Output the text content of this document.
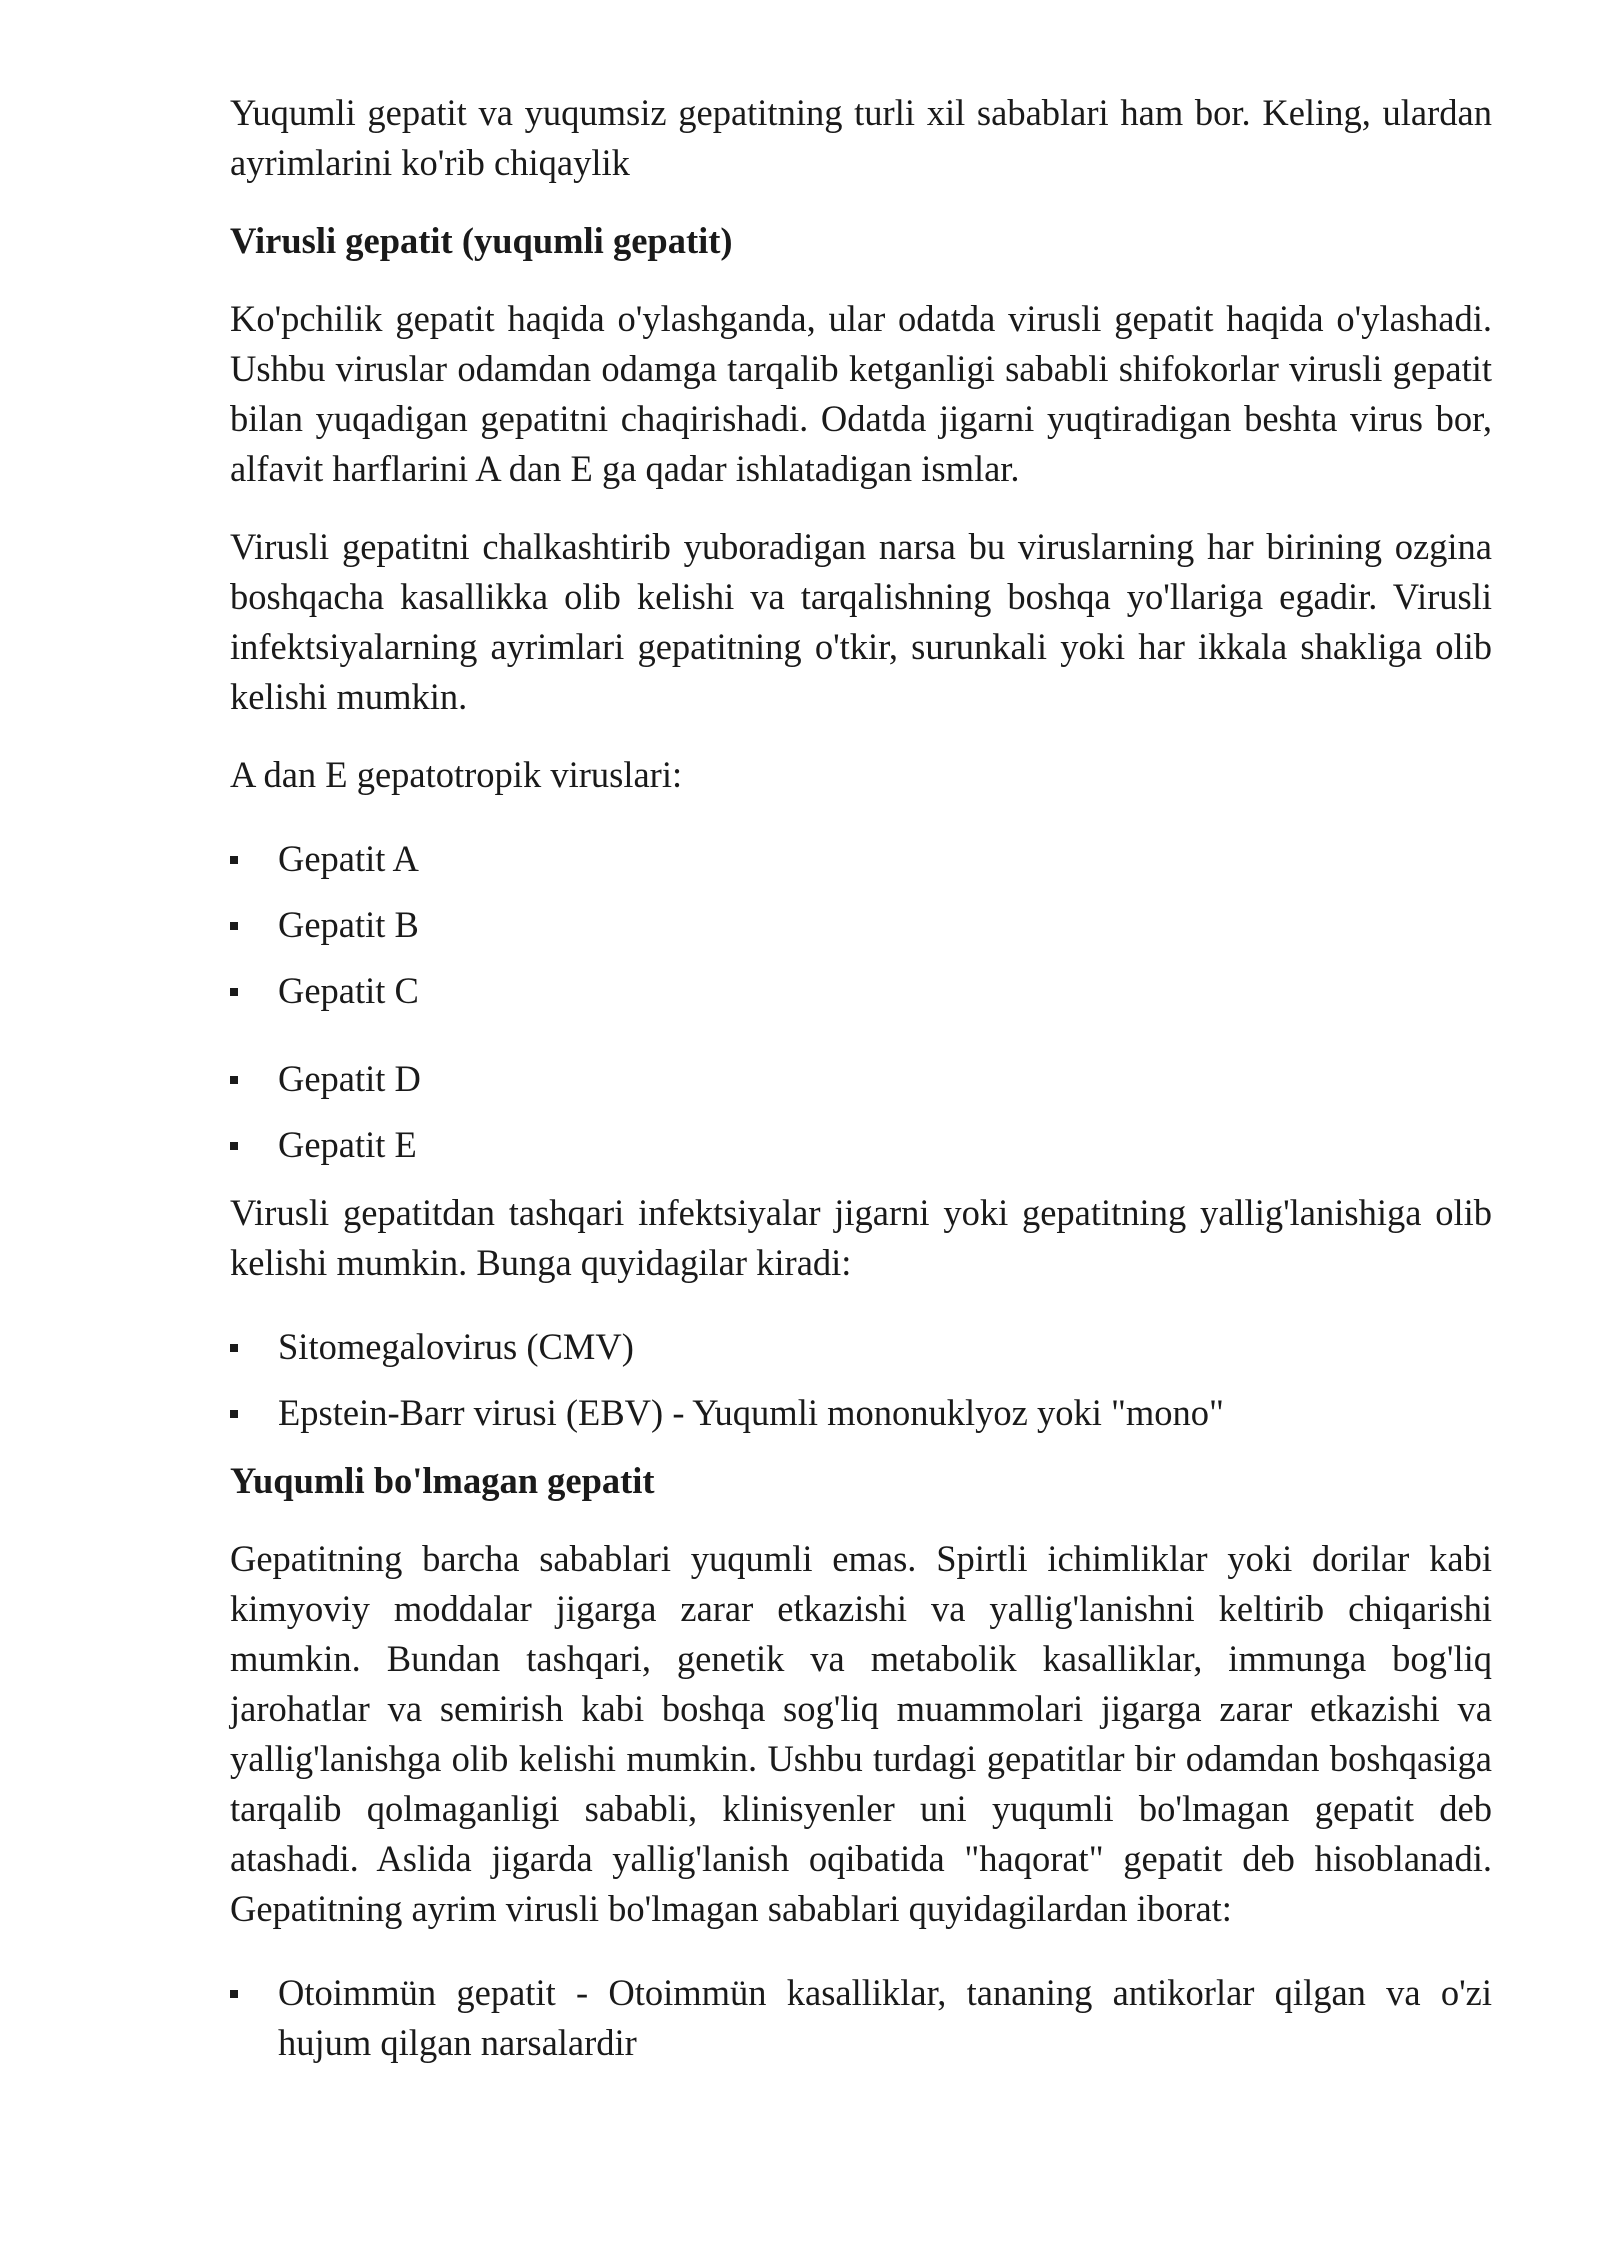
Yuqumli gepatit va yuqumsiz gepatitning turli xil sabablari ham bor. Keling, ulardan ayrimlarini ko'rib chiqaylik

Virusli gepatit (yuqumli gepatit)

Ko'pchilik gepatit haqida o'ylashganda, ular odatda virusli gepatit haqida o'ylashadi. Ushbu viruslar odamdan odamga tarqalib ketganligi sababli shifokorlar virusli gepatit bilan yuqadigan gepatitni chaqirishadi. Odatda jigarni yuqtiradigan beshta virus bor, alfavit harflarini A dan E ga qadar ishlatadigan ismlar.

Virusli gepatitni chalkashtirib yuboradigan narsa bu viruslarning har birining ozgina boshqacha kasallikka olib kelishi va tarqalishning boshqa yo'llariga egadir. Virusli infektsiyalarning ayrimlari gepatitning o'tkir, surunkali yoki har ikkala shakliga olib kelishi mumkin.

A dan E gepatotropik viruslari:

Gepatit A
Gepatit B
Gepatit C
Gepatit D
Gepatit E

Virusli gepatitdan tashqari infektsiyalar jigarni yoki gepatitning yallig'lanishiga olib kelishi mumkin. Bunga quyidagilar kiradi:

Sitomegalovirus (CMV)
Epstein-Barr virusi (EBV) - Yuqumli mononuklyoz yoki "mono"
Yuqumli bo'lmagan gepatit

Gepatitning barcha sabablari yuqumli emas. Spirtli ichimliklar yoki dorilar kabi kimyoviy moddalar jigarga zarar etkazishi va yallig'lanishni keltirib chiqarishi mumkin. Bundan tashqari, genetik va metabolik kasalliklar, immunga bog'liq jarohatlar va semirish kabi boshqa sog'liq muammolari jigarga zarar etkazishi va yallig'lanishga olib kelishi mumkin. Ushbu turdagi gepatitlar bir odamdan boshqasiga tarqalib qolmaganligi sababli, klinisyenler uni yuqumli bo'lmagan gepatit deb atashadi. Aslida jigarda yallig'lanish oqibatida "haqorat" gepatit deb hisoblanadi. Gepatitning ayrim virusli bo'lmagan sabablari quyidagilardan iborat:

Otoimmün gepatit - Otoimmün kasalliklar, tananing antikorlar qilgan va o'zi hujum qilgan narsalardir
